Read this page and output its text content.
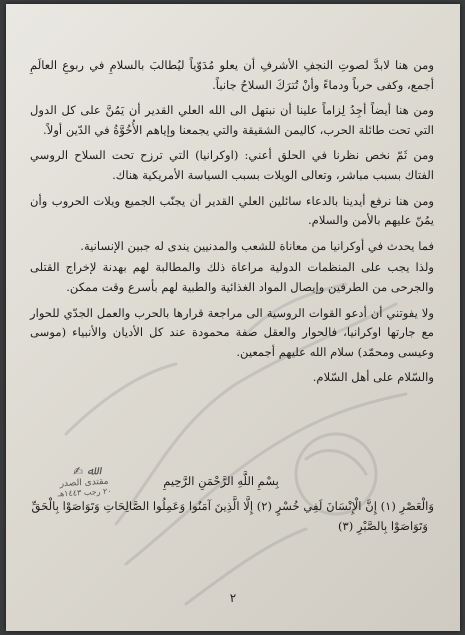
ومن هنا لابدَّ لصوتِ النجفِ الأشرفِ أن يعلو مُدَوّياً ليُطالبَ بالسلامِ في ربوعِ العالَمِ أجمع، وكفى حرباً ودماءً وأنْ تُترَكَ السلاحُ جانباً.

ومن هنا أيضاً أجِدُ لِزاماً علينا أن نبتهل الى الله العلي القدير أن يَمُنَّ على كل الدول التي تحت طائلة الحرب، كاليمن الشقيقة والتي يجمعنا وإياهم الأُخُوَّةُ في الدّين أولاً.

ومن ثَمّ نخص نظرنا في الحلق أعني: (اوكرانيا) التي ترزح تحت السلاح الروسي الفتاك بسبب مباشر، وتعالى الويلات بسبب السياسة الأمريكية هناك.

ومن هنا نرفع أيدينا بالدعاء سائلين العلي القدير أن يجنّب الجميع ويلات الحروب وأن يمُنّ عليهم بالأمن والسلام.

فما يحدث في أوكرانيا من معاناة للشعب والمدنيين يندى له جبين الإنسانية.

ولذا يجب على المنظمات الدولية مراعاة ذلك والمطالبة لهم بهدنة لإخراج القتلى والجرحى من الطرفين وإيصال المواد الغذائية والطبية لهم بأسرع وقت ممكن.

ولا يفوتني أن أدعو القوات الروسية الى مراجعة قرارها بالحرب والعمل الجدّي للحوار مع جارتها اوكرانيا، فالحوار والعقل صفة محمودة عند كل الأديان والأنبياء (موسى وعيسى ومحمّد) سلام الله عليهم أجمعين.

والسّلام على أهل السّلام.

ﷲ ✍
مقتدى الصدر
٢٠ رجب ١٤٤٣هـ
بِسْمِ اللَّهِ الرَّحْمَنِ الرَّحِيمِ
وَالْعَصْرِ (١) إِنَّ الْإِنْسَانَ لَفِي خُسْرٍ (٢) إِلَّا الَّذِينَ آمَنُوا وَعَمِلُوا الصَّالِحَاتِ وَتَوَاصَوْا بِالْحَقِّ
وَتَوَاصَوْا بِالصَّبْرِ (٣)
٢
